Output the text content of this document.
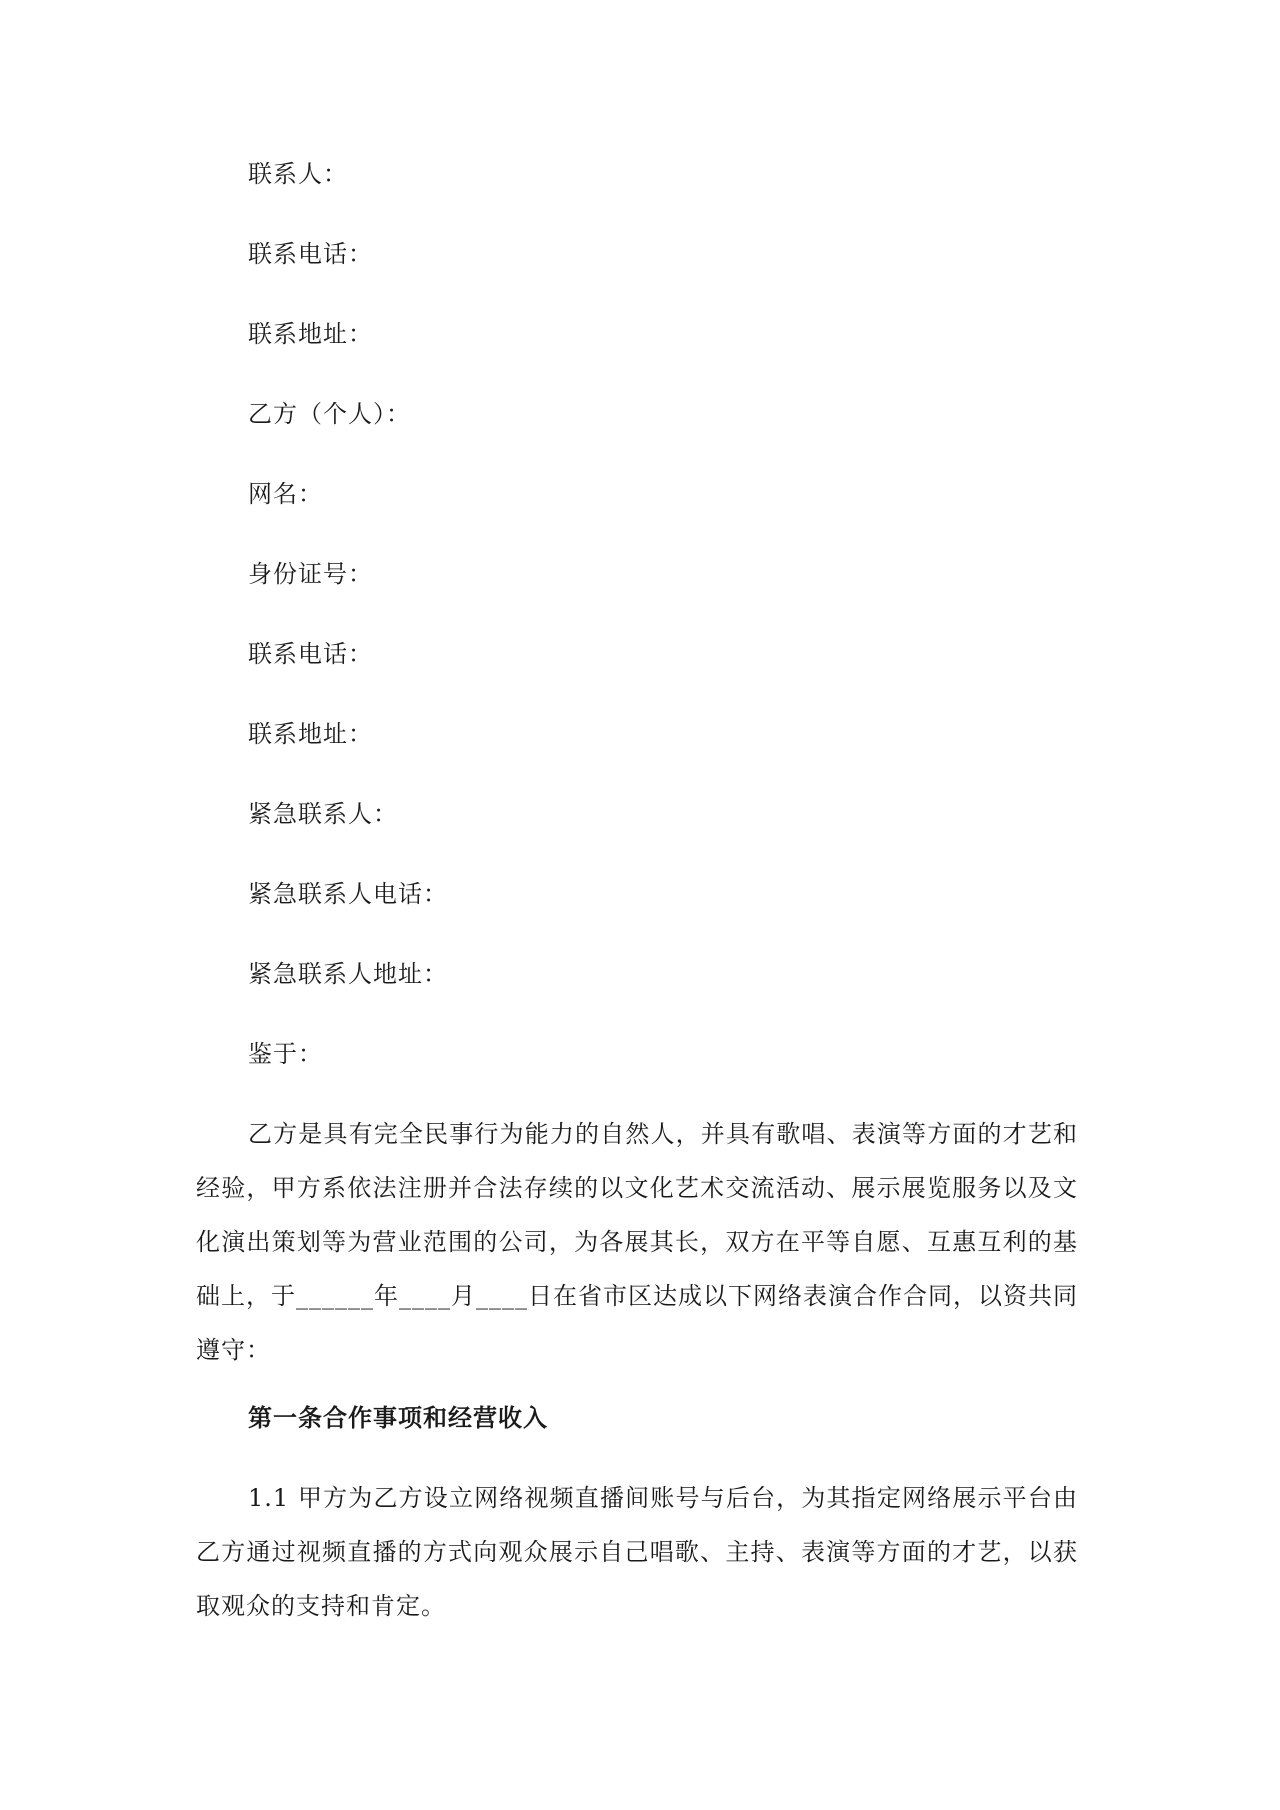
联系人：
联系电话：
联系地址：
乙方（个人）：
网名：
身份证号：
联系电话：
联系地址：
紧急联系人：
紧急联系人电话：
紧急联系人地址：
鉴于：

乙方是具有完全民事行为能力的自然人，并具有歌唱、表演等方面的才艺和经验，甲方系依法注册并合法存续的以文化艺术交流活动、展示展览服务以及文化演出策划等为营业范围的公司，为各展其长，双方在平等自愿、互惠互利的基础上，于______年____月____日在省市区达成以下网络表演合作合同，以资共同遵守：

第一条合作事项和经营收入

1.1 甲方为乙方设立网络视频直播间账号与后台，为其指定网络展示平台由乙方通过视频直播的方式向观众展示自己唱歌、主持、表演等方面的才艺，以获取观众的支持和肯定。
